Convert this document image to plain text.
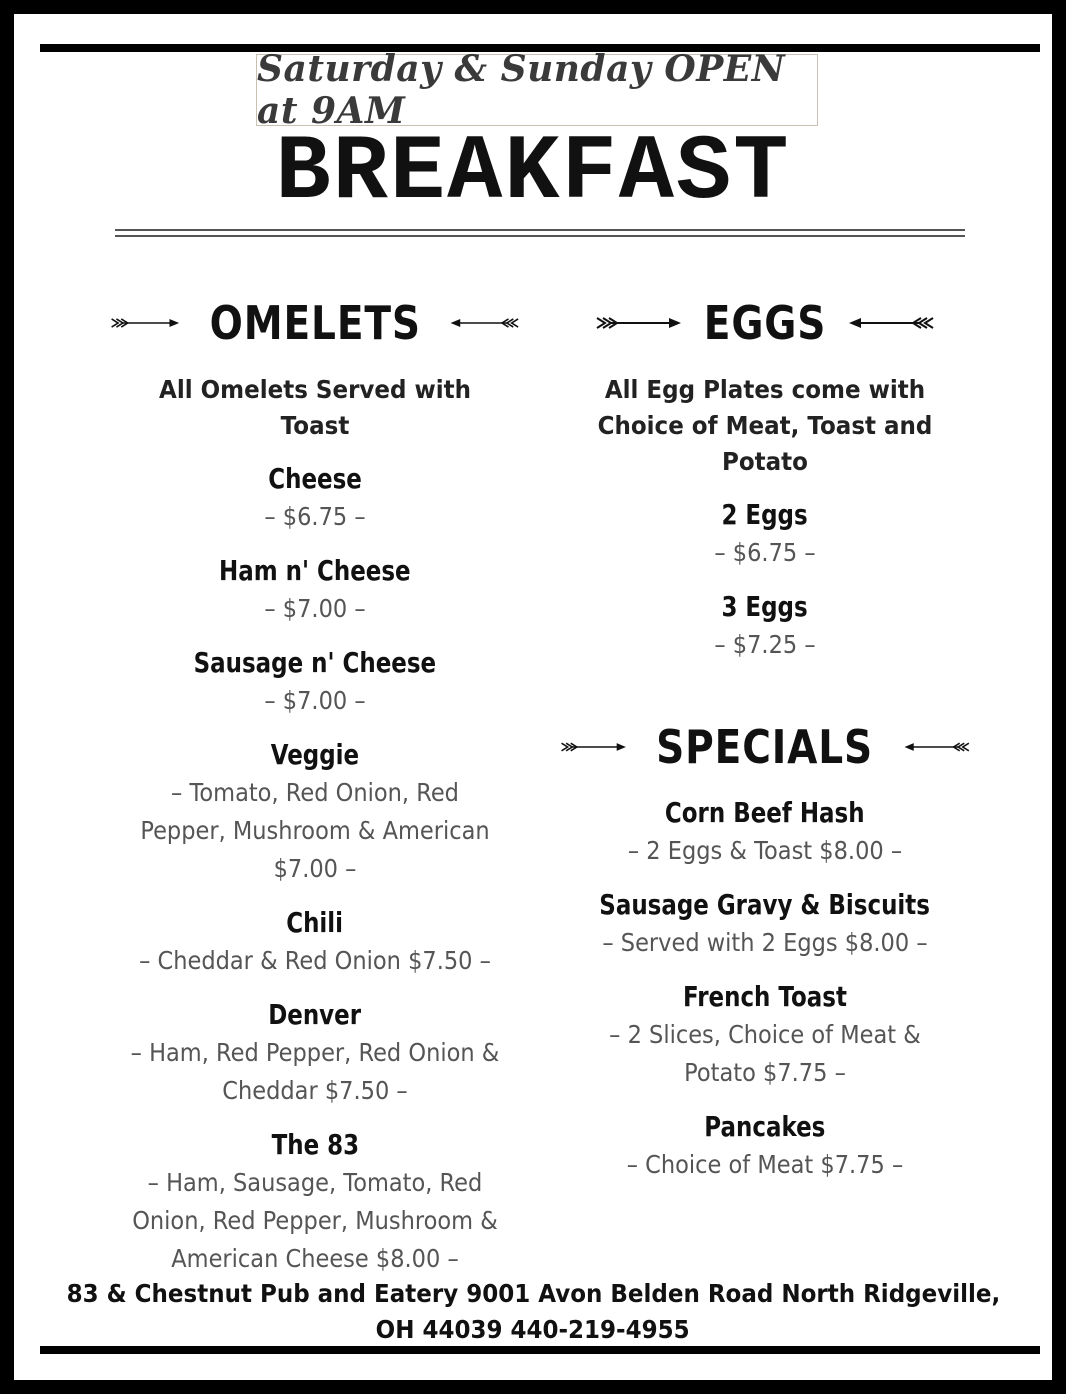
Saturday & Sunday OPEN at 9AM
BREAKFAST
OMELETS
All Omelets Served with Toast
Cheese
– $6.75 –
Ham n' Cheese
– $7.00 –
Sausage n' Cheese
– $7.00 –
Veggie
– Tomato, Red Onion, Red Pepper, Mushroom & American $7.00 –
Chili
– Cheddar & Red Onion $7.50 –
Denver
– Ham, Red Pepper, Red Onion & Cheddar $7.50 –
The 83
– Ham, Sausage, Tomato, Red Onion, Red Pepper, Mushroom & American Cheese $8.00 –
EGGS
All Egg Plates come with Choice of Meat, Toast and Potato
2 Eggs
– $6.75 –
3 Eggs
– $7.25 –
SPECIALS
Corn Beef Hash
– 2 Eggs & Toast $8.00 –
Sausage Gravy & Biscuits
– Served with 2 Eggs $8.00 –
French Toast
– 2 Slices, Choice of Meat & Potato $7.75 –
Pancakes
– Choice of Meat $7.75 –
83 & Chestnut Pub and Eatery 9001 Avon Belden Road North Ridgeville,
OH 44039 440-219-4955
